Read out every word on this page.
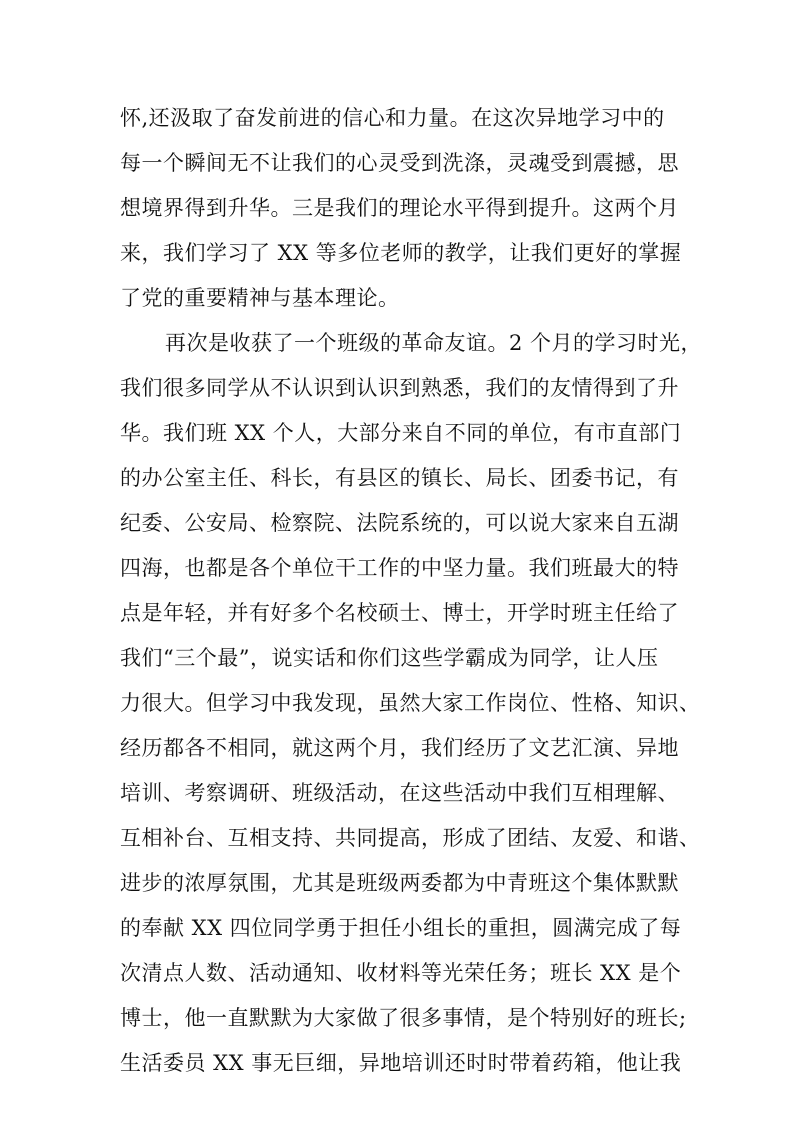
怀,还汲取了奋发前进的信心和力量。在这次异地学习中的
每一个瞬间无不让我们的心灵受到洗涤，灵魂受到震撼，思
想境界得到升华。三是我们的理论水平得到提升。这两个月
来，我们学习了 XX 等多位老师的教学，让我们更好的掌握
了党的重要精神与基本理论。
再次是收获了一个班级的革命友谊。2 个月的学习时光，
我们很多同学从不认识到认识到熟悉，我们的友情得到了升
华。我们班 XX 个人，大部分来自不同的单位，有市直部门
的办公室主任、科长，有县区的镇长、局长、团委书记，有
纪委、公安局、检察院、法院系统的，可以说大家来自五湖
四海，也都是各个单位干工作的中坚力量。我们班最大的特
点是年轻，并有好多个名校硕士、博士，开学时班主任给了
我们“三个最”，说实话和你们这些学霸成为同学，让人压
力很大。但学习中我发现，虽然大家工作岗位、性格、知识、
经历都各不相同，就这两个月，我们经历了文艺汇演、异地
培训、考察调研、班级活动，在这些活动中我们互相理解、
互相补台、互相支持、共同提高，形成了团结、友爱、和谐、
进步的浓厚氛围，尤其是班级两委都为中青班这个集体默默
的奉献 XX 四位同学勇于担任小组长的重担，圆满完成了每
次清点人数、活动通知、收材料等光荣任务；班长 XX 是个
博士，他一直默默为大家做了很多事情，是个特别好的班长;
生活委员 XX 事无巨细，异地培训还时时带着药箱，他让我
